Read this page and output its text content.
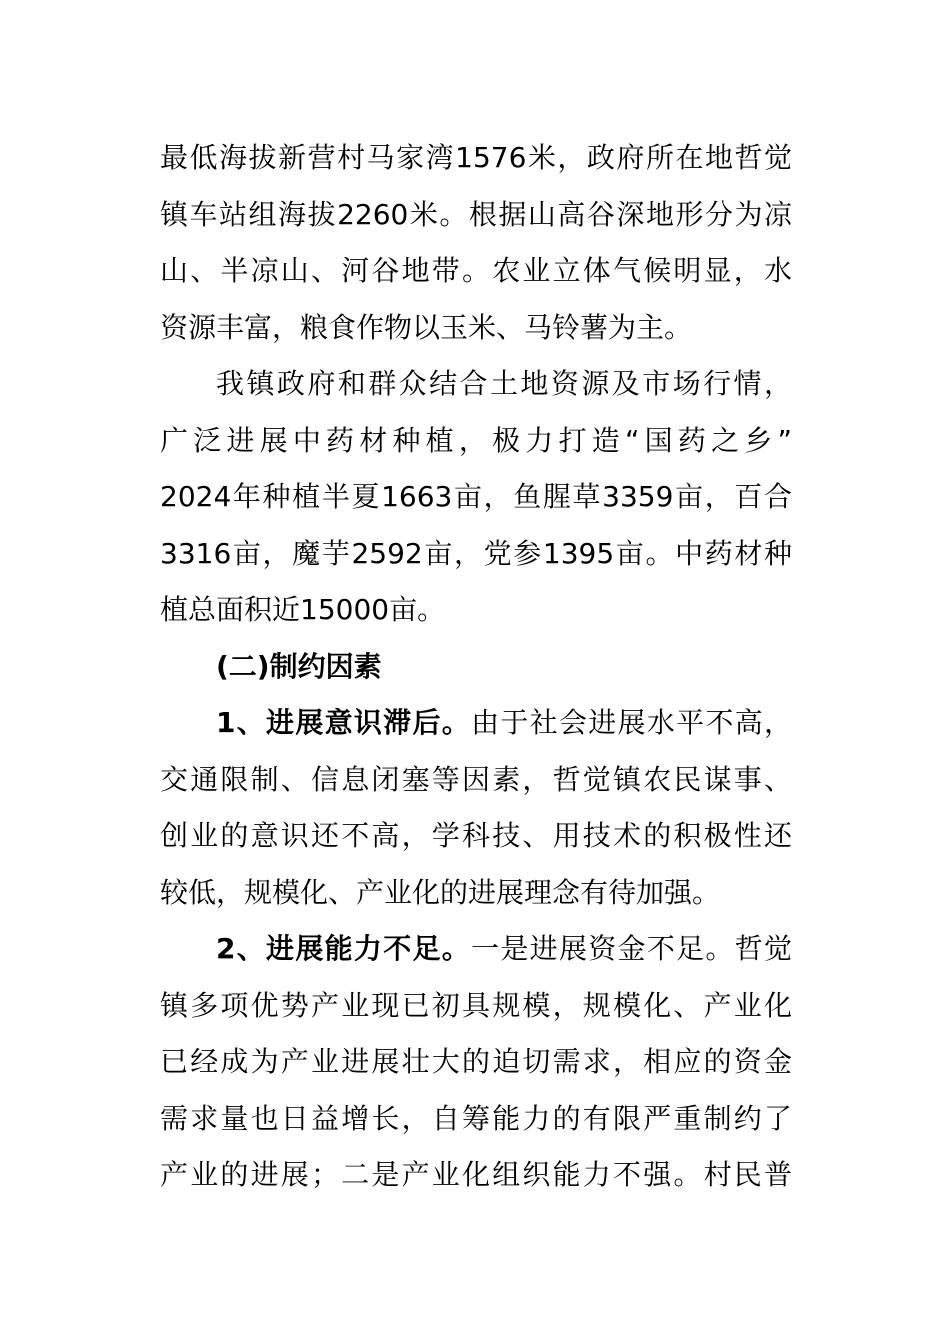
最低海拔新营村马家湾1576米，政府所在地哲觉
镇车站组海拔2260米。根据山高谷深地形分为凉
山、半凉山、河谷地带。农业立体气候明显，水
资源丰富，粮食作物以玉米、马铃薯为主。
我镇政府和群众结合土地资源及市场行情，
广泛进展中药材种植，极力打造“国药之乡”
2024年种植半夏1663亩，鱼腥草3359亩，百合
3316亩，魔芋2592亩，党参1395亩。中药材种
植总面积近15000亩。
(二)制约因素
1、进展意识滞后。由于社会进展水平不高，
交通限制、信息闭塞等因素，哲觉镇农民谋事、
创业的意识还不高，学科技、用技术的积极性还
较低，规模化、产业化的进展理念有待加强。
2、进展能力不足。一是进展资金不足。哲觉
镇多项优势产业现已初具规模，规模化、产业化
已经成为产业进展壮大的迫切需求，相应的资金
需求量也日益增长，自筹能力的有限严重制约了
产业的进展；二是产业化组织能力不强。村民普
